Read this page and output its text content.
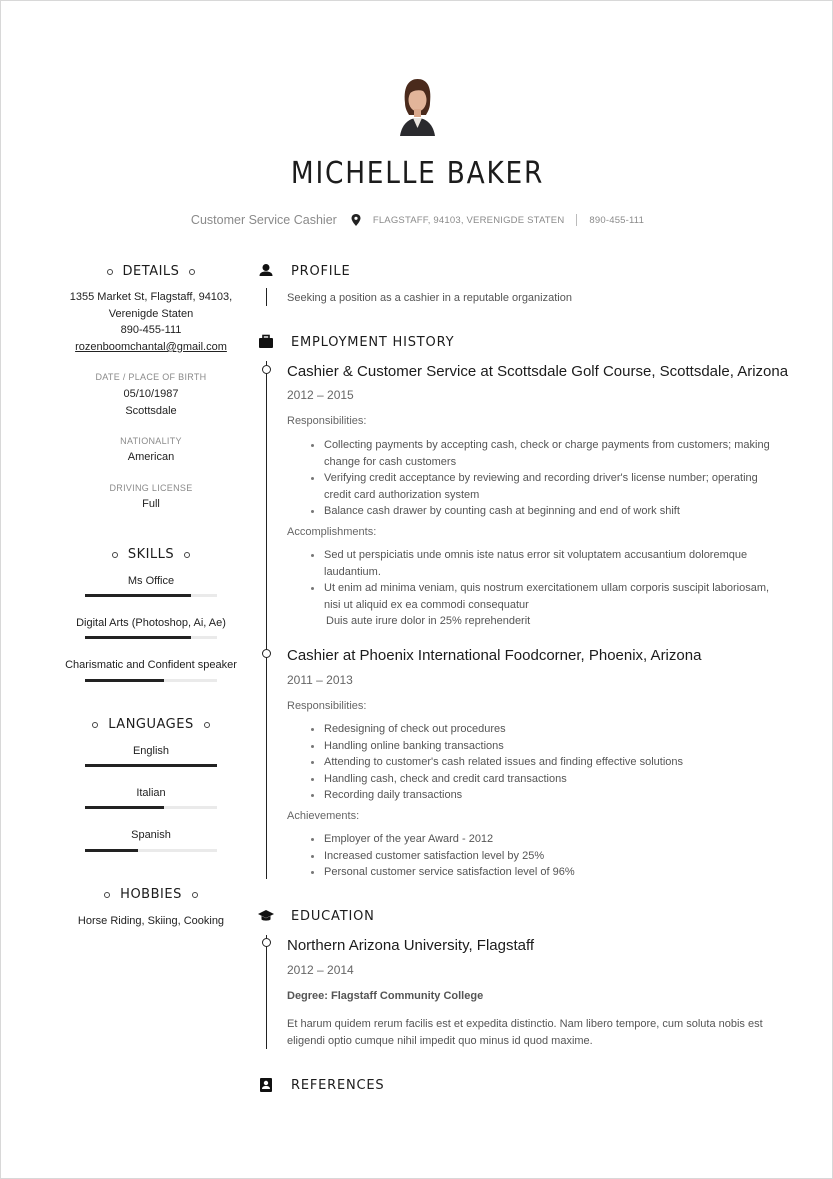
MICHELLE BAKER
Customer Service Cashier	FLAGSTAFF, 94103, VERENIGDE STATEN	890-455-111
DETAILS
1355 Market St, Flagstaff, 94103,
Verenigde Staten
890-455-111
rozenboomchantal@gmail.com
DATE / PLACE OF BIRTH
05/10/1987
Scottsdale
NATIONALITY
American
DRIVING LICENSE
Full
SKILLS
Ms Office
Digital Arts (Photoshop, Ai, Ae)
Charismatic and Confident speaker
LANGUAGES
English
Italian
Spanish
HOBBIES
Horse Riding, Skiing, Cooking
PROFILE
Seeking a position as a cashier in a reputable organization
EMPLOYMENT HISTORY
Cashier & Customer Service at Scottsdale Golf Course, Scottsdale, Arizona
2012 – 2015
Responsibilities:
Collecting payments by accepting cash, check or charge payments from customers; making change for cash customers
Verifying credit acceptance by reviewing and recording driver's license number; operating credit card authorization system
Balance cash drawer by counting cash at beginning and end of work shift
Accomplishments:
Sed ut perspiciatis unde omnis iste natus error sit voluptatem accusantium doloremque laudantium.
Ut enim ad minima veniam, quis nostrum exercitationem ullam corporis suscipit laboriosam, nisi ut aliquid ex ea commodi consequatur
Duis aute irure dolor in 25% reprehenderit
Cashier at Phoenix International Foodcorner, Phoenix, Arizona
2011 – 2013
Responsibilities:
Redesigning of check out procedures
Handling online banking transactions
Attending to customer's cash related issues and finding effective solutions
Handling cash, check and credit card transactions
Recording daily transactions
Achievements:
Employer of the year Award - 2012
Increased customer satisfaction level by 25%
Personal customer service satisfaction level of 96%
EDUCATION
Northern Arizona University, Flagstaff
2012 – 2014
Degree: Flagstaff Community College
Et harum quidem rerum facilis est et expedita distinctio. Nam libero tempore, cum soluta nobis est eligendi optio cumque nihil impedit quo minus id quod maxime.
REFERENCES
